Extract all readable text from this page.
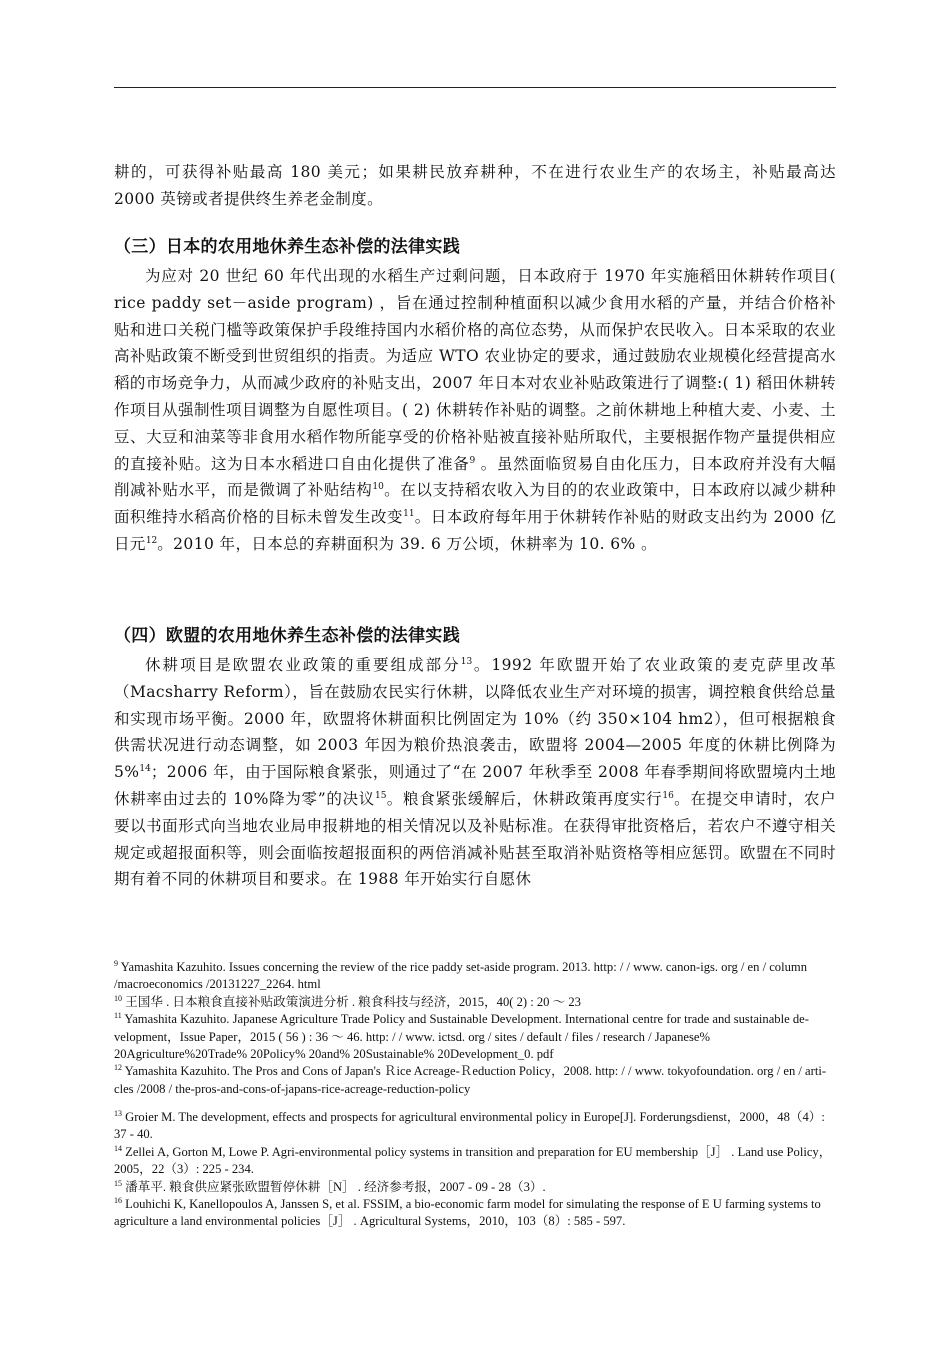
耕的，可获得补贴最高 180 美元；如果耕民放弃耕种，不在进行农业生产的农场主，补贴最高达 2000 英镑或者提供终生养老金制度。

（三）日本的农用地休养生态补偿的法律实践

为应对 20 世纪 60 年代出现的水稻生产过剩问题，日本政府于 1970 年实施稻田休耕转作项目( rice paddy set－aside program) ，旨在通过控制种植面积以减少食用水稻的产量，并结合价格补贴和进口关税门槛等政策保护手段维持国内水稻价格的高位态势，从而保护农民收入。日本采取的农业高补贴政策不断受到世贸组织的指责。为适应 WTO 农业协定的要求，通过鼓励农业规模化经营提高水稻的市场竞争力，从而减少政府的补贴支出，2007 年日本对农业补贴政策进行了调整:( 1) 稻田休耕转作项目从强制性项目调整为自愿性项目。( 2) 休耕转作补贴的调整。之前休耕地上种植大麦、小麦、土豆、大豆和油菜等非食用水稻作物所能享受的价格补贴被直接补贴所取代，主要根据作物产量提供相应的直接补贴。这为日本水稻进口自由化提供了准备$^9$ 。虽然面临贸易自由化压力，日本政府并没有大幅削减补贴水平，而是微调了补贴结构$^{10}$。在以支持稻农收入为目的的农业政策中，日本政府以减少耕种面积维持水稻高价格的目标未曾发生改变$^{11}$。日本政府每年用于休耕转作补贴的财政支出约为 2000 亿日元$^{12}$。2010 年，日本总的弃耕面积为 39. 6 万公顷，休耕率为 10. 6% 。

（四）欧盟的农用地休养生态补偿的法律实践

休耕项目是欧盟农业政策的重要组成部分$^{13}$。1992 年欧盟开始了农业政策的麦克萨里改革（Macsharry Reform），旨在鼓励农民实行休耕，以降低农业生产对环境的损害，调控粮食供给总量和实现市场平衡。2000 年，欧盟将休耕面积比例固定为 10%（约 350×104 hm2），但可根据粮食供需状况进行动态调整，如 2003 年因为粮价热浪袭击，欧盟将 2004—2005 年度的休耕比例降为 5%$^{14}$；2006 年，由于国际粮食紧张，则通过了“在 2007 年秋季至 2008 年春季期间将欧盟境内土地休耕率由过去的 10%降为零”的决议$^{15}$。粮食紧张缓解后，休耕政策再度实行$^{16}$。在提交申请时，农户要以书面形式向当地农业局申报耕地的相关情况以及补贴标准。在获得审批资格后，若农户不遵守相关规定或超报面积等，则会面临按超报面积的两倍消减补贴甚至取消补贴资格等相应惩罚。欧盟在不同时期有着不同的休耕项目和要求。在 1988 年开始实行自愿休

$^9$ Yamashita Kazuhito. Issues concerning the review of the rice paddy set-aside program. 2013. http: / / www. canon-igs. org / en / column /macroeconomics /20131227_2264. html

$^{10}$ 王国华 . 日本粮食直接补贴政策演进分析 . 粮食科技与经济，2015，40( 2) : 20 ～ 23

$^{11}$ Yamashita Kazuhito. Japanese Agriculture Trade Policy and Sustainable Development. International centre for trade and sustainable de-velopment，Issue Paper，2015 ( 56 ) : 36 ～ 46. http: / / www. ictsd. org / sites / default / files / research / Japanese% 20Agriculture%20Trade% 20Policy% 20and% 20Sustainable% 20Development_0. pdf

$^{12}$ Yamashita Kazuhito. The Pros and Cons of Japan's Ｒice Acreage-Ｒeduction Policy，2008. http: / / www. tokyofoundation. org / en / arti-cles /2008 / the-pros-and-cons-of-japans-rice-acreage-reduction-policy

$^{13}$ Groier M. The development, effects and prospects for agricultural environmental policy in Europe[J]. Forderungsdienst，2000，48（4）: 37 - 40.

$^{14}$ Zellei A, Gorton M, Lowe P. Agri-environmental policy systems in transition and preparation for EU membership［J］ . Land use Policy，2005，22（3）: 225 - 234.

$^{15}$ 潘革平. 粮食供应紧张欧盟暂停休耕［N］ . 经济参考报，2007 - 09 - 28（3）.

$^{16}$ Louhichi K, Kanellopoulos A, Janssen S, et al. FSSIM, a bio-economic farm model for simulating the response of E U farming systems to agriculture a land environmental policies［J］ . Agricultural Systems，2010，103（8）: 585 - 597.
